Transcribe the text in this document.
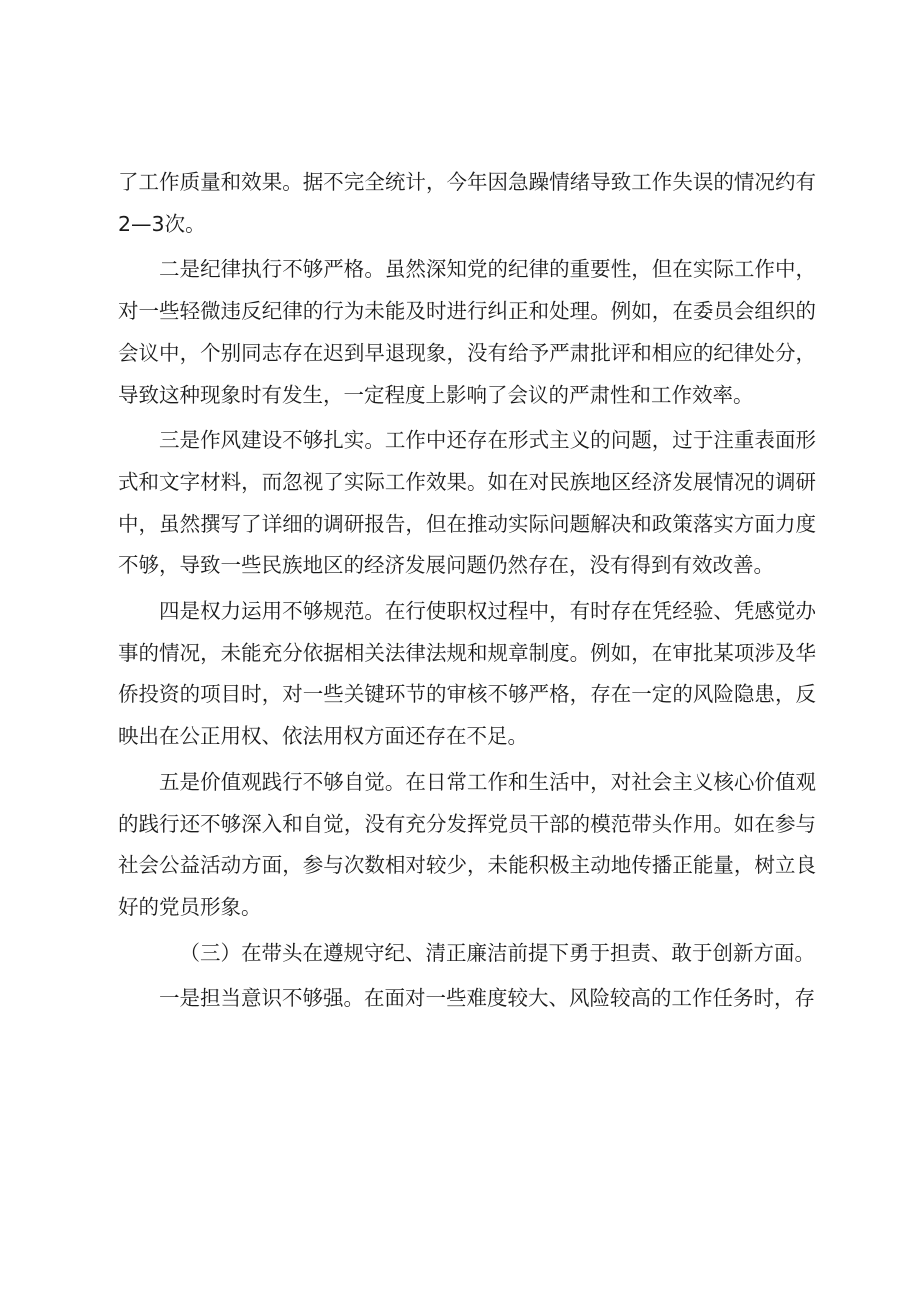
了工作质量和效果。据不完全统计，今年因急躁情绪导致工作失误的情况约有2—3次。

二是纪律执行不够严格。虽然深知党的纪律的重要性，但在实际工作中，对一些轻微违反纪律的行为未能及时进行纠正和处理。例如，在委员会组织的会议中，个别同志存在迟到早退现象，没有给予严肃批评和相应的纪律处分，导致这种现象时有发生，一定程度上影响了会议的严肃性和工作效率。

三是作风建设不够扎实。工作中还存在形式主义的问题，过于注重表面形式和文字材料，而忽视了实际工作效果。如在对民族地区经济发展情况的调研中，虽然撰写了详细的调研报告，但在推动实际问题解决和政策落实方面力度不够，导致一些民族地区的经济发展问题仍然存在，没有得到有效改善。

四是权力运用不够规范。在行使职权过程中，有时存在凭经验、凭感觉办事的情况，未能充分依据相关法律法规和规章制度。例如，在审批某项涉及华侨投资的项目时，对一些关键环节的审核不够严格，存在一定的风险隐患，反映出在公正用权、依法用权方面还存在不足。

五是价值观践行不够自觉。在日常工作和生活中，对社会主义核心价值观的践行还不够深入和自觉，没有充分发挥党员干部的模范带头作用。如在参与社会公益活动方面，参与次数相对较少，未能积极主动地传播正能量，树立良好的党员形象。

（三）在带头在遵规守纪、清正廉洁前提下勇于担责、敢于创新方面。

一是担当意识不够强。在面对一些难度较大、风险较高的工作任务时，存
